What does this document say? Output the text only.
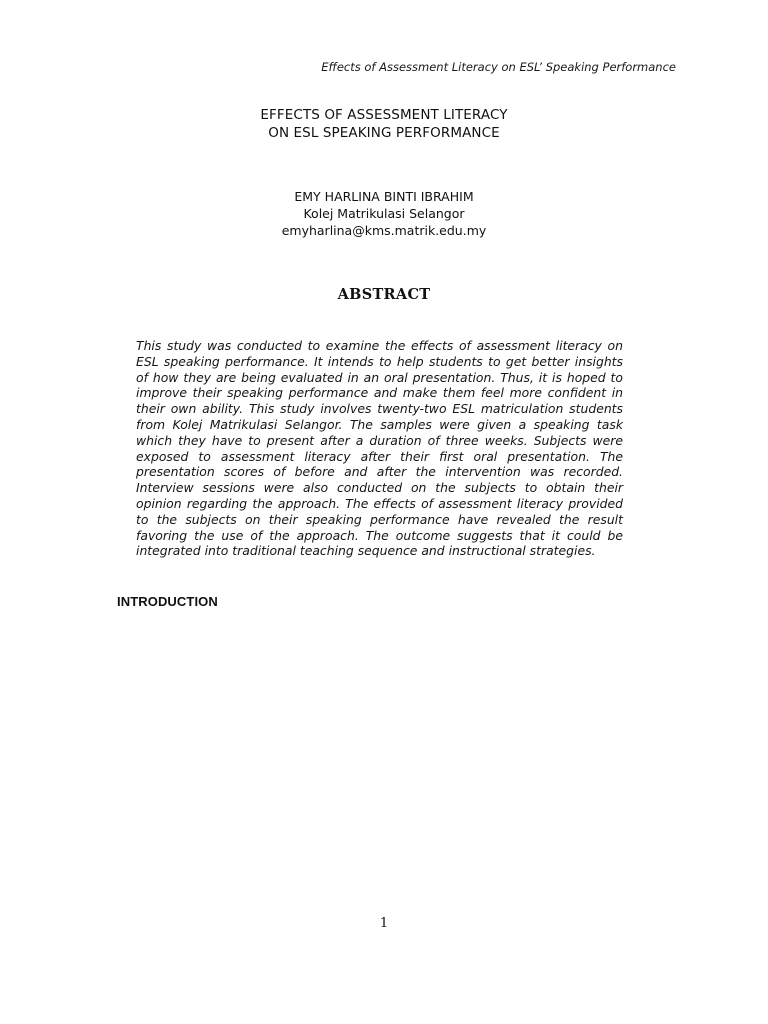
Effects of Assessment Literacy on ESL’ Speaking Performance
EFFECTS OF ASSESSMENT LITERACY
ON ESL SPEAKING PERFORMANCE
EMY HARLINA BINTI IBRAHIM
Kolej Matrikulasi Selangor
emyharlina@kms.matrik.edu.my
ABSTRACT

This study was conducted to examine the effects of assessment literacy on ESL speaking performance. It intends to help students to get better insights of how they are being evaluated in an oral presentation. Thus, it is hoped to improve their speaking performance and make them feel more confident in their own ability. This study involves twenty-two ESL matriculation students from Kolej Matrikulasi Selangor. The samples were given a speaking task which they have to present after a duration of three weeks. Subjects were exposed to assessment literacy after their first oral presentation. The presentation scores of before and after the intervention was recorded. Interview sessions were also conducted on the subjects to obtain their opinion regarding the approach. The effects of assessment literacy provided to the subjects on their speaking performance have revealed the result favoring the use of the approach. The outcome suggests that it could be integrated into traditional teaching sequence and instructional strategies.

INTRODUCTION
1
